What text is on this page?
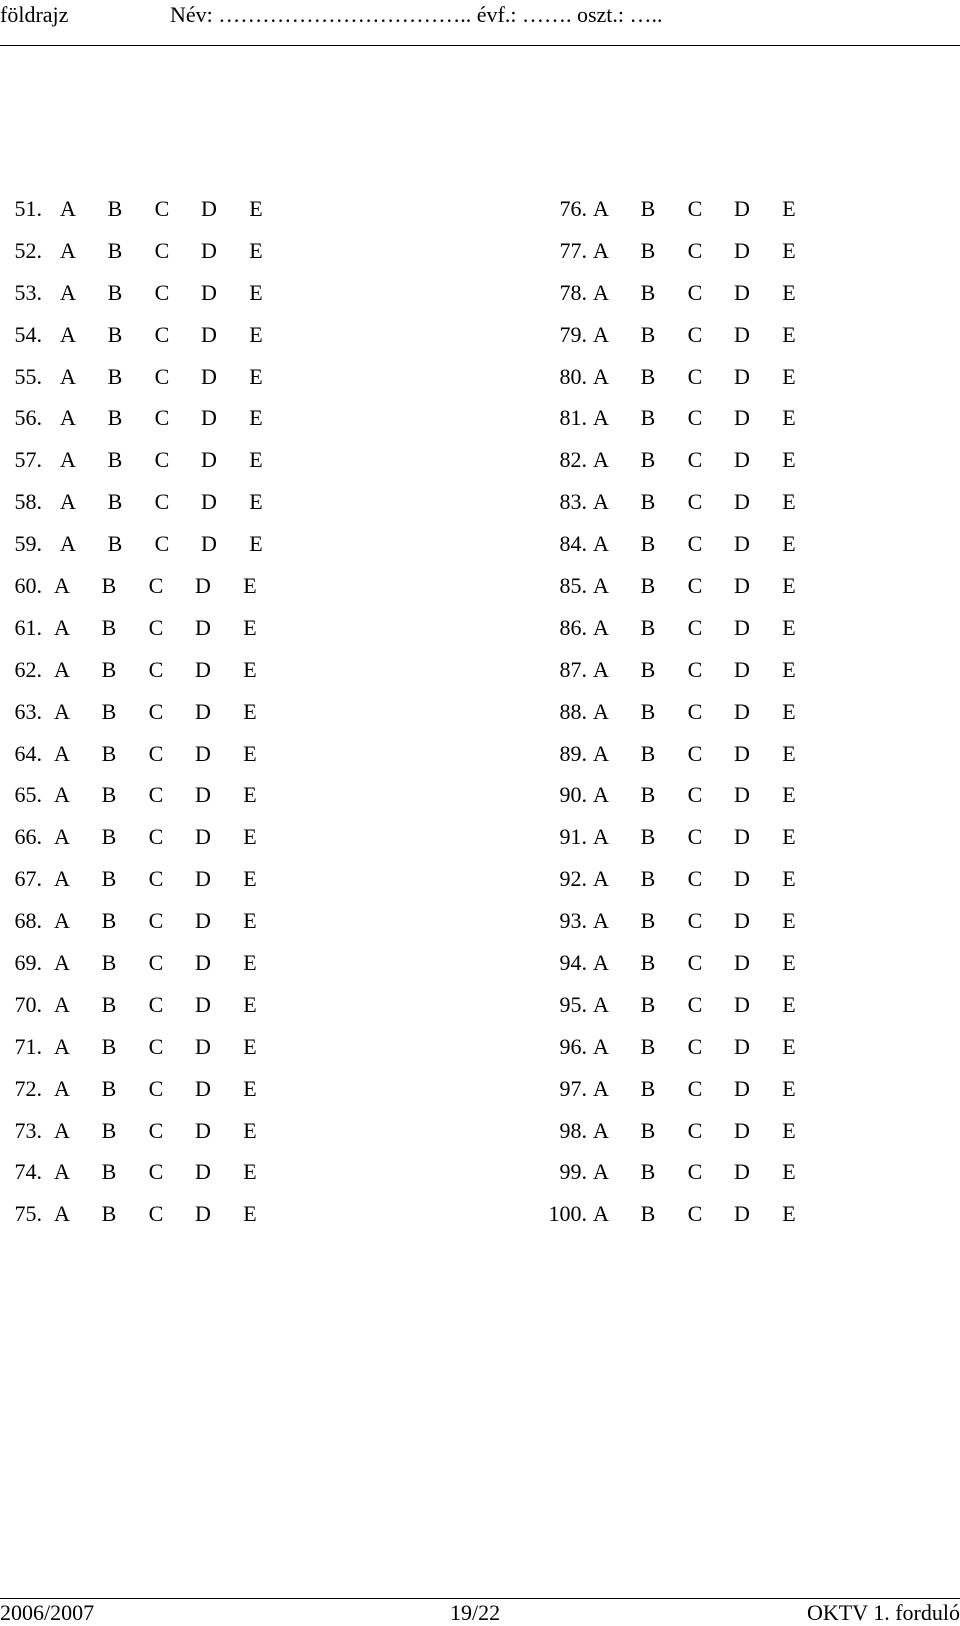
földrajz	Név: …………………………….. évf.: ……. oszt.: …..
51. A B C D E
52. A B C D E
53. A B C D E
54. A B C D E
55. A B C D E
56. A B C D E
57. A B C D E
58. A B C D E
59. A B C D E
60. A B C D E
61. A B C D E
62. A B C D E
63. A B C D E
64. A B C D E
65. A B C D E
66. A B C D E
67. A B C D E
68. A B C D E
69. A B C D E
70. A B C D E
71. A B C D E
72. A B C D E
73. A B C D E
74. A B C D E
75. A B C D E
76. A B C D E
77. A B C D E
78. A B C D E
79. A B C D E
80. A B C D E
81. A B C D E
82. A B C D E
83. A B C D E
84. A B C D E
85. A B C D E
86. A B C D E
87. A B C D E
88. A B C D E
89. A B C D E
90. A B C D E
91. A B C D E
92. A B C D E
93. A B C D E
94. A B C D E
95. A B C D E
96. A B C D E
97. A B C D E
98. A B C D E
99. A B C D E
100. A B C D E
2006/2007	19/22	OKTV 1. forduló
